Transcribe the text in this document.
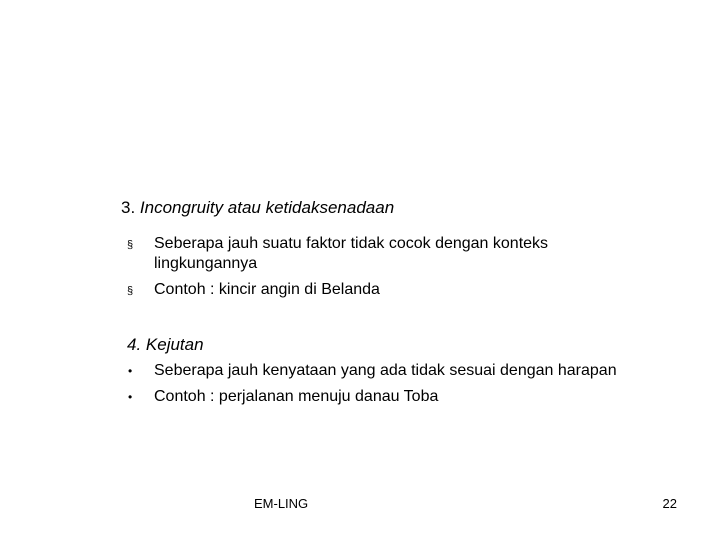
3. Incongruity atau ketidaksenadaan
§	Seberapa jauh suatu faktor tidak cocok dengan konteks lingkungannya
§	Contoh : kincir angin di Belanda
4. Kejutan
•	Seberapa jauh kenyataan yang ada tidak sesuai dengan harapan
•	Contoh : perjalanan menuju danau Toba
EM-LING	22
